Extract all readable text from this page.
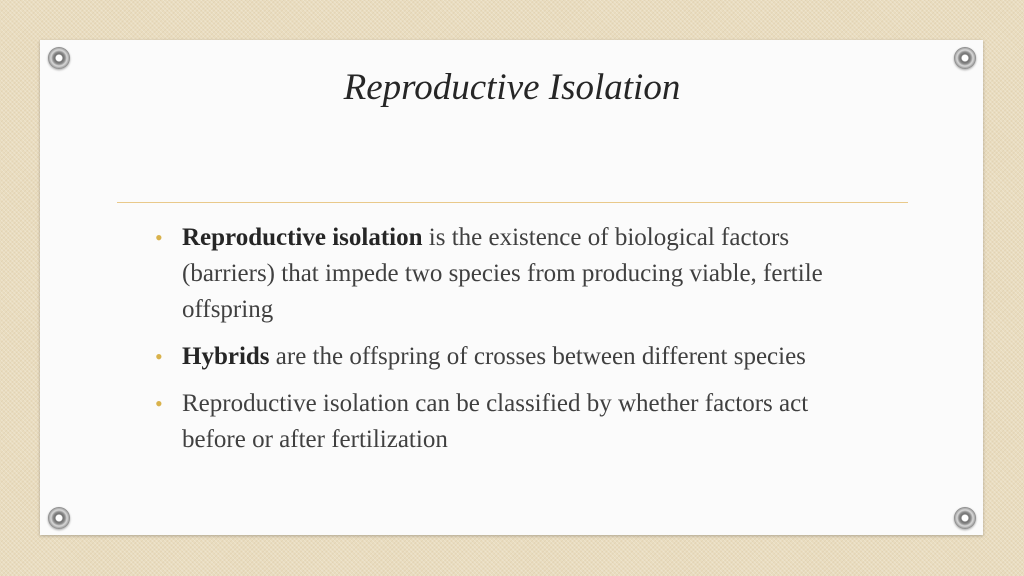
Reproductive Isolation
• Reproductive isolation is the existence of biological factors (barriers) that impede two species from producing viable, fertile offspring
• Hybrids are the offspring of crosses between different species
• Reproductive isolation can be classified by whether factors act before or after fertilization
